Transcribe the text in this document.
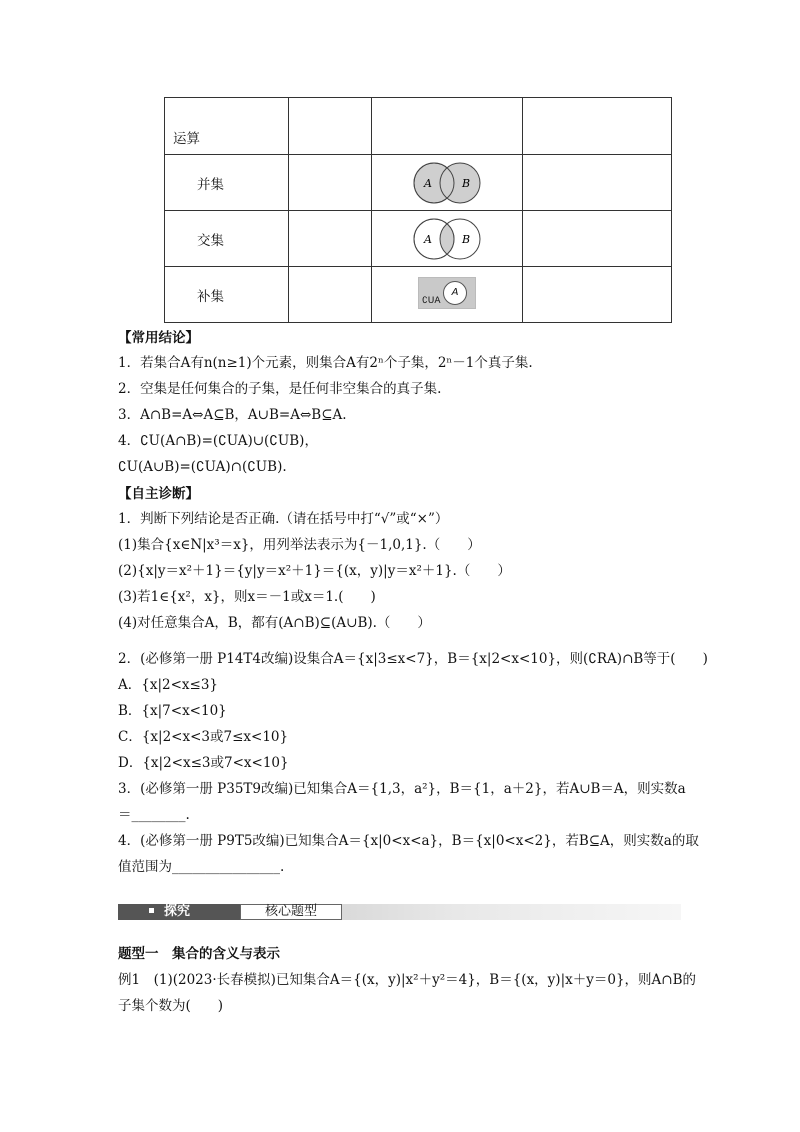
运算			
并集		A B	

交集		A B	

补集		∁UA
A	

【常用结论】
1．若集合A有n(n≥1)个元素，则集合A有2ⁿ个子集，2ⁿ－1个真子集.
2．空集是任何集合的子集，是任何非空集合的真子集.
3．A∩B=A⇔A⊆B，A∪B=A⇔B⊆A.
4．∁U(A∩B)=(∁UA)∪(∁UB)，
∁U(A∪B)=(∁UA)∩(∁UB).
【自主诊断】
1．判断下列结论是否正确.（请在括号中打“√”或“×”）
(1)集合{x∈N|x³＝x}，用列举法表示为{－1,0,1}.（　　）
(2){x|y＝x²＋1}＝{y|y＝x²＋1}＝{(x，y)|y＝x²＋1}.（　　）
(3)若1∈{x²，x}，则x＝－1或x＝1.(　　)
(4)对任意集合A，B，都有(A∩B)⊆(A∪B).（　　）
2．(必修第一册 P14T4改编)设集合A＝{x|3≤x<7}，B＝{x|2<x<10}，则(∁RA)∩B等于(　　)
A．{x|2<x≤3}
B．{x|7<x<10}
C．{x|2<x<3或7≤x<10}
D．{x|2<x≤3或7<x<10}
3．(必修第一册 P35T9改编)已知集合A＝{1,3，a²}，B＝{1，a＋2}，若A∪B＝A，则实数a
＝________.
4．(必修第一册 P9T5改编)已知集合A＝{x|0<x<a}，B＝{x|0<x<2}，若B⊆A，则实数a的取
值范围为________________.
探究	核心题型
题型一　集合的含义与表示
例1　(1)(2023·长春模拟)已知集合A＝{(x，y)|x²＋y²＝4}，B＝{(x，y)|x＋y＝0}，则A∩B的
子集个数为(　　)
